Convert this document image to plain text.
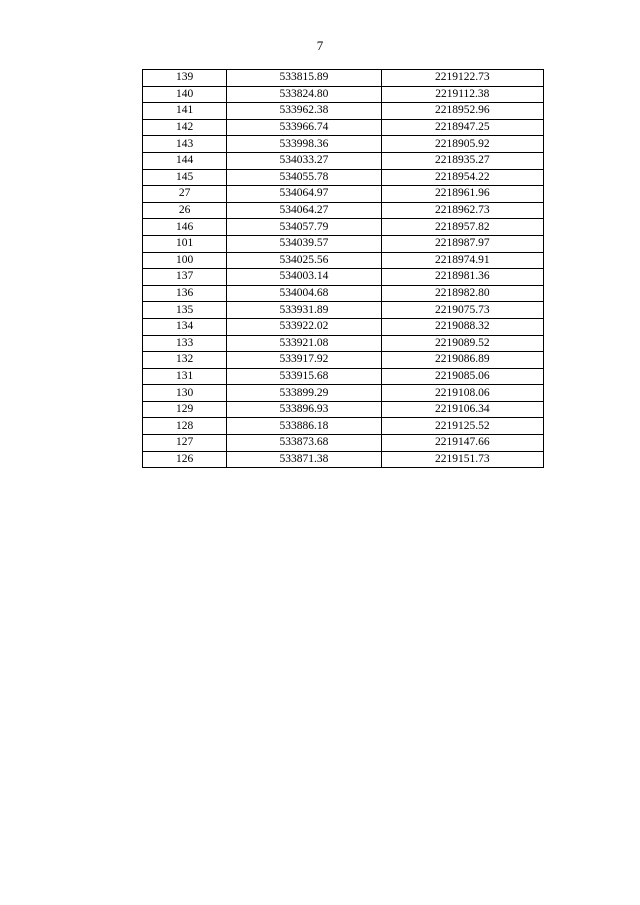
7
139	533815.89	2219122.73
140	533824.80	2219112.38
141	533962.38	2218952.96
142	533966.74	2218947.25
143	533998.36	2218905.92
144	534033.27	2218935.27
145	534055.78	2218954.22
27	534064.97	2218961.96
26	534064.27	2218962.73
146	534057.79	2218957.82
101	534039.57	2218987.97
100	534025.56	2218974.91
137	534003.14	2218981.36
136	534004.68	2218982.80
135	533931.89	2219075.73
134	533922.02	2219088.32
133	533921.08	2219089.52
132	533917.92	2219086.89
131	533915.68	2219085.06
130	533899.29	2219108.06
129	533896.93	2219106.34
128	533886.18	2219125.52
127	533873.68	2219147.66
126	533871.38	2219151.73
